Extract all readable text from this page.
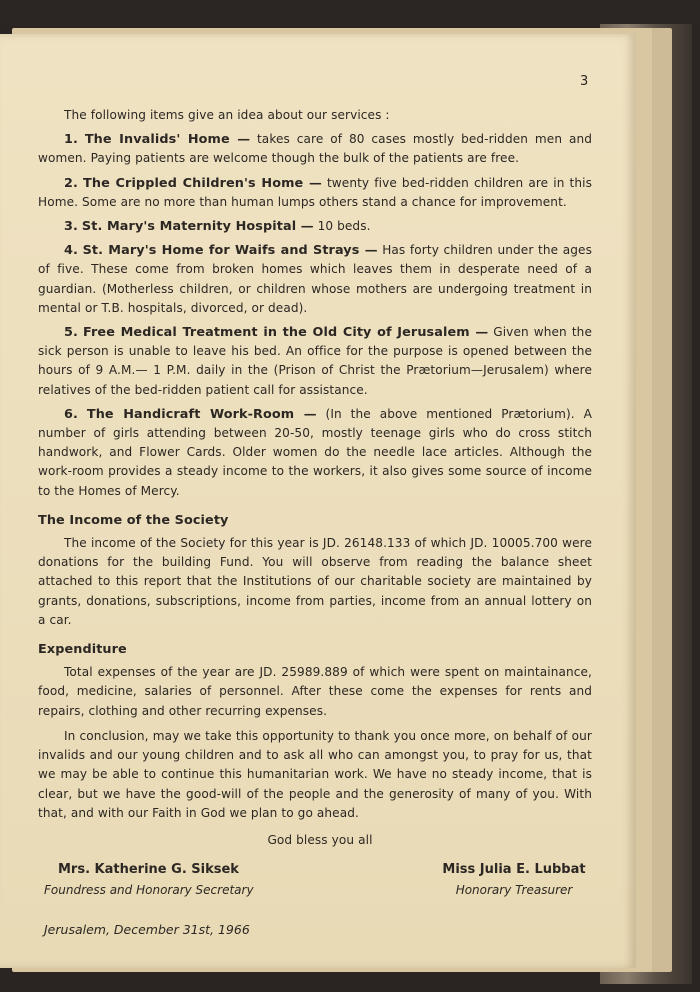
3

The following items give an idea about our services :

1. The Invalids' Home — takes care of 80 cases mostly bed-ridden men and women. Paying patients are welcome though the bulk of the patients are free.

2. The Crippled Children's Home — twenty five bed-ridden children are in this Home. Some are no more than human lumps others stand a chance for improvement.

3. St. Mary's Maternity Hospital — 10 beds.

4. St. Mary's Home for Waifs and Strays — Has forty children under the ages of five. These come from broken homes which leaves them in desperate need of a guardian. (Motherless children, or children whose mothers are undergoing treatment in mental or T.B. hospitals, divorced, or dead).

5. Free Medical Treatment in the Old City of Jerusalem — Given when the sick person is unable to leave his bed. An office for the purpose is opened between the hours of 9 A.M.— 1 P.M. daily in the (Prison of Christ the Prætorium—Jerusalem) where relatives of the bed-ridden patient call for assistance.

6. The Handicraft Work-Room — (In the above mentioned Prætorium). A number of girls attending between 20-50, mostly teenage girls who do cross stitch handwork, and Flower Cards. Older women do the needle lace articles. Although the work-room provides a steady income to the workers, it also gives some source of income to the Homes of Mercy.

The Income of the Society

The income of the Society for this year is JD. 26148.133 of which JD. 10005.700 were donations for the building Fund. You will observe from reading the balance sheet attached to this report that the Institutions of our charitable society are maintained by grants, donations, subscriptions, income from parties, income from an annual lottery on a car.

Expenditure

Total expenses of the year are JD. 25989.889 of which were spent on maintainance, food, medicine, salaries of personnel. After these come the expenses for rents and repairs, clothing and other recurring expenses.

In conclusion, may we take this opportunity to thank you once more, on behalf of our invalids and our young children and to ask all who can amongst you, to pray for us, that we may be able to continue this humanitarian work. We have no steady income, that is clear, but we have the good-will of the people and the generosity of many of you. With that, and with our Faith in God we plan to go ahead.

God bless you all
Mrs. Katherine G. Siksek
Foundress and Honorary Secretary
Miss Julia E. Lubbat
Honorary Treasurer
Jerusalem, December 31st, 1966
